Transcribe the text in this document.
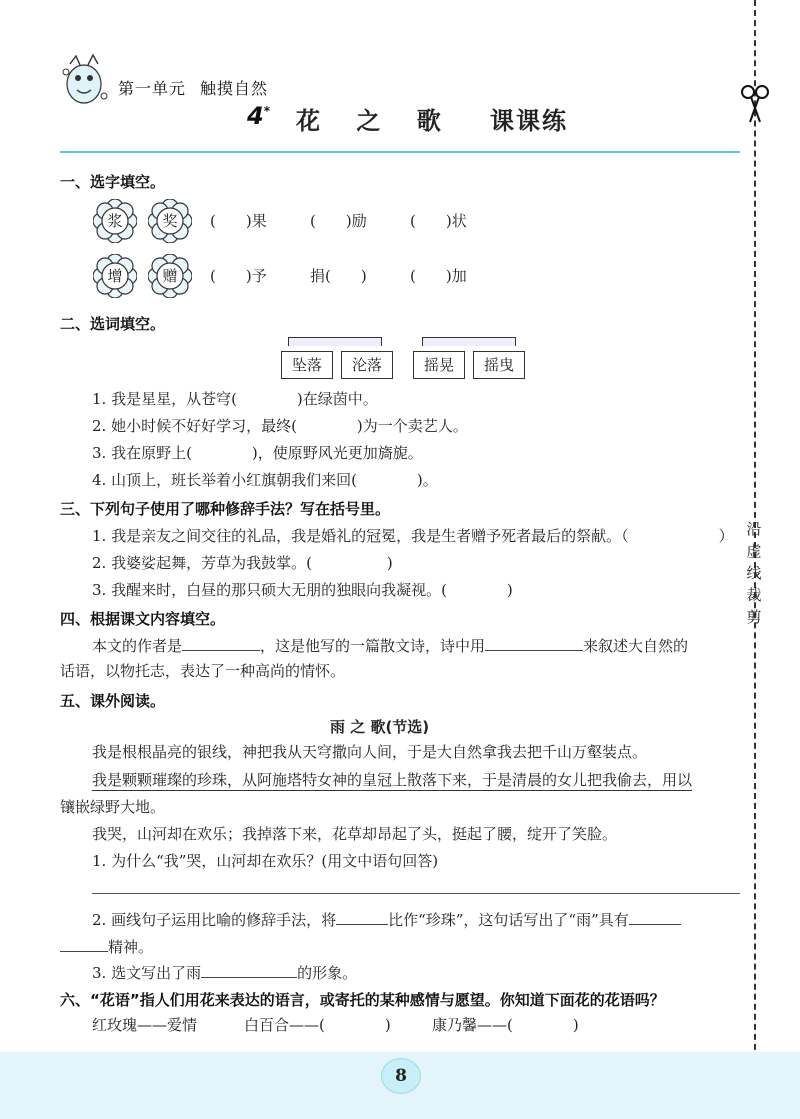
第一单元 触摸自然
4* 花 之 歌 课课练
沿虚线裁剪
一、选字填空。
浆	奖	(　　)果	(　　)励	(　　)状
增	赠	(　　)予	捐(　　)	(　　)加
二、选词填空。
坠落	沦落	摇晃	摇曳
1. 我是星星，从苍穹(　　　　)在绿茵中。
2. 她小时候不好好学习，最终(　　　　)为一个卖艺人。
3. 我在原野上(　　　　)，使原野风光更加旖旎。
4. 山顶上，班长举着小红旗朝我们来回(　　　　)。
三、下列句子使用了哪种修辞手法？写在括号里。
1. 我是亲友之间交往的礼品，我是婚礼的冠冕，我是生者赠予死者最后的祭献。（　　　　　　）
2. 我婆娑起舞，芳草为我鼓掌。(　　　　　)
3. 我醒来时，白昼的那只硕大无朋的独眼向我凝视。(　　　　)
四、根据课文内容填空。
本文的作者是	，这是他写的一篇散文诗，诗中用	来叙述大自然的
话语，以物托志，表达了一种高尚的情怀。
五、课外阅读。
雨 之 歌(节选)
我是根根晶亮的银线，神把我从天穹撒向人间，于是大自然拿我去把千山万壑装点。
我是颗颗璀璨的珍珠，从阿施塔特女神的皇冠上散落下来，于是清晨的女儿把我偷去，用以
镶嵌绿野大地。
我哭，山河却在欢乐；我掉落下来，花草却昂起了头，挺起了腰，绽开了笑脸。
1. 为什么“我”哭，山河却在欢乐？(用文中语句回答)
2. 画线句子运用比喻的修辞手法，将	比作“珍珠”，这句话写出了“雨”具有
精神。
3. 选文写出了雨	的形象。
六、“花语”指人们用花来表达的语言，或寄托的某种感情与愿望。你知道下面花的花语吗？
红玫瑰——爱情	白百合——(　　　　)	康乃馨——(　　　　)
8
